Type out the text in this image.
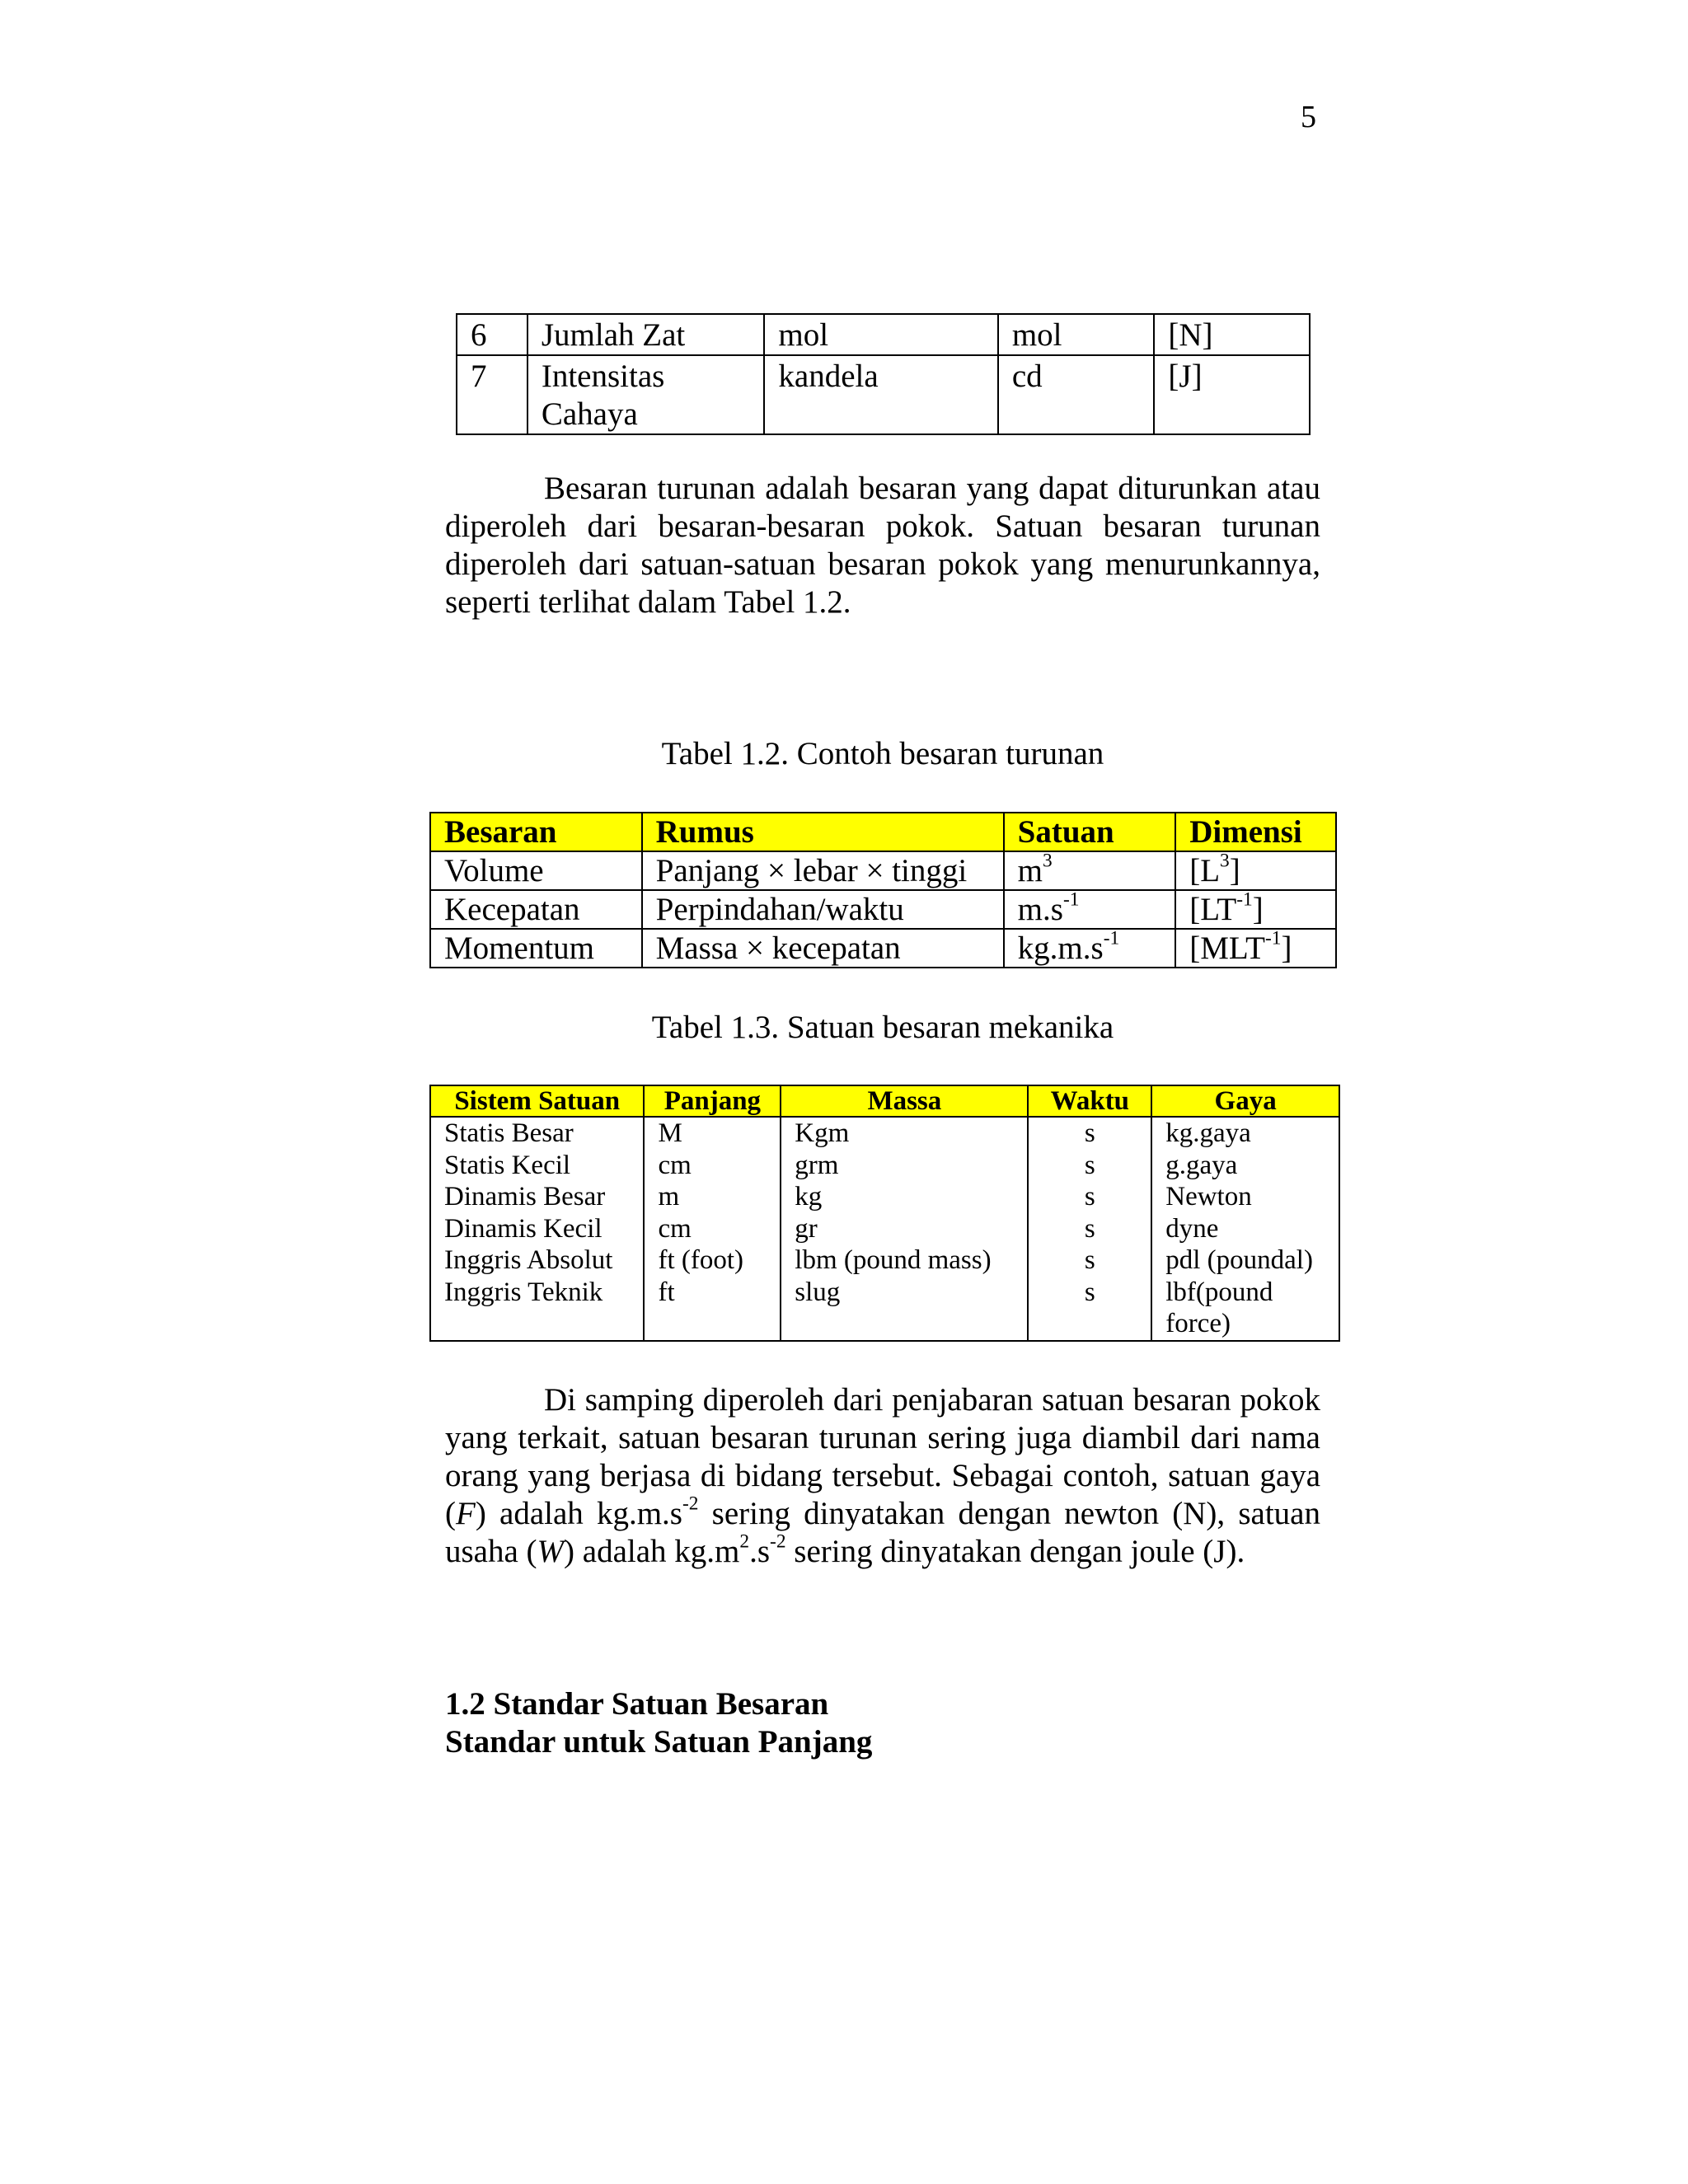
5
6	Jumlah Zat	mol	mol	[N]
7	Intensitas Cahaya	kandela	cd	[J]

Besaran turunan adalah besaran yang dapat diturunkan atau diperoleh dari besaran-besaran pokok. Satuan besaran turunan diperoleh dari satuan-satuan besaran pokok yang menurunkannya, seperti terlihat dalam Tabel 1.2.

Tabel 1.2. Contoh besaran turunan

Besaran	Rumus	Satuan	Dimensi
Volume	Panjang × lebar × tinggi	$m^3$	$[L^3]$
Kecepatan	Perpindahan/waktu	$m.s^{-1}$	$[LT^{-1}]$
Momentum	Massa × kecepatan	$kg.m.s^{-1}$	$[MLT^{-1}]$

Tabel 1.3. Satuan besaran mekanika

Sistem Satuan	Panjang	Massa	Waktu	Gaya
Statis Besar	M	Kgm	s	kg.gaya
Statis Kecil	cm	grm	s	g.gaya
Dinamis Besar	m	kg	s	Newton
Dinamis Kecil	cm	gr	s	dyne
Inggris Absolut	ft (foot)	lbm (pound mass)	s	pdl (poundal)
Inggris Teknik	ft	slug	s	lbf(pound force)

Di samping diperoleh dari penjabaran satuan besaran pokok yang terkait, satuan besaran turunan sering juga diambil dari nama orang yang berjasa di bidang tersebut. Sebagai contoh, satuan gaya (F) adalah $kg.m.s^{-2}$ sering dinyatakan dengan newton (N), satuan usaha (W) adalah $kg.m^2.s^{-2}$ sering dinyatakan dengan joule (J).

1.2 Standar Satuan Besaran

Standar untuk Satuan Panjang
